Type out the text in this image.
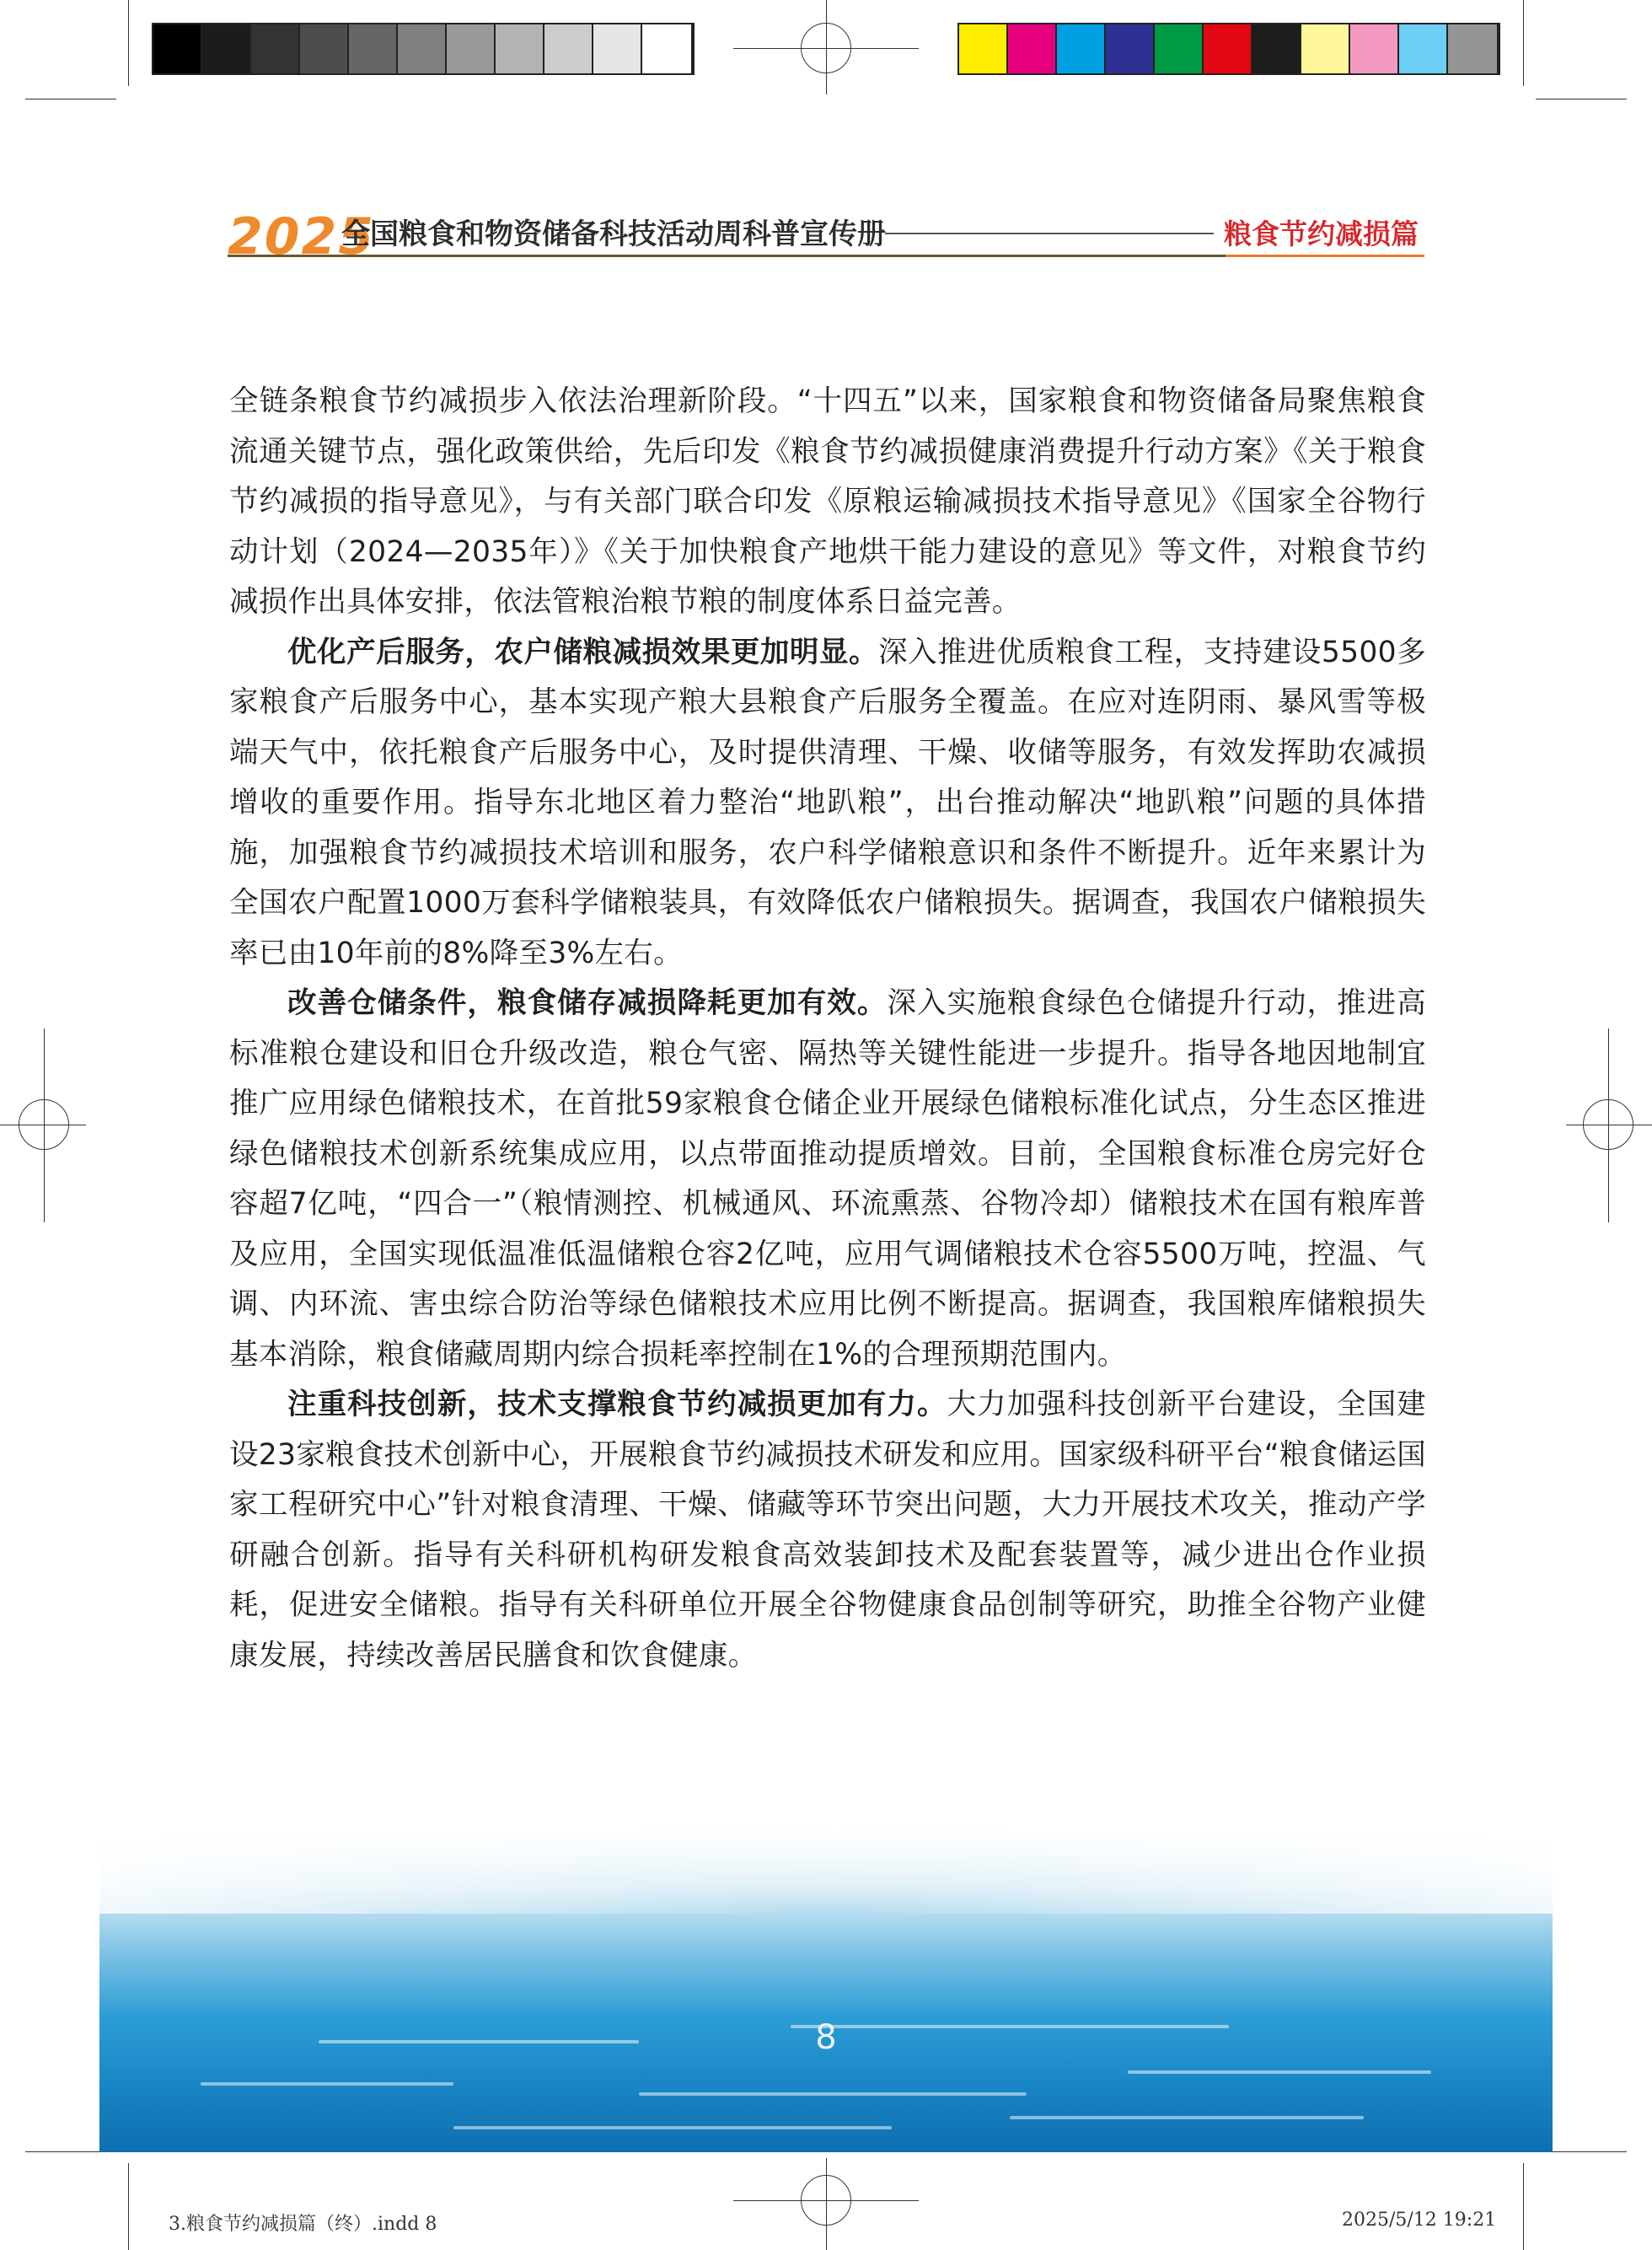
2025
全国粮食和物资储备科技活动周科普宣传册	粮食节约减损篇

全链条粮食节约减损步入依法治理新阶段。“十四五”以来，国家粮食和物资储备局聚焦粮食流通关键节点，强化政策供给，先后印发《粮食节约减损健康消费提升行动方案》《关于粮食节约减损的指导意见》，与有关部门联合印发《原粮运输减损技术指导意见》《国家全谷物行动计划（2024—2035年）》《关于加快粮食产地烘干能力建设的意见》等文件，对粮食节约减损作出具体安排，依法管粮治粮节粮的制度体系日益完善。

优化产后服务，农户储粮减损效果更加明显。深入推进优质粮食工程，支持建设5500多家粮食产后服务中心，基本实现产粮大县粮食产后服务全覆盖。在应对连阴雨、暴风雪等极端天气中，依托粮食产后服务中心，及时提供清理、干燥、收储等服务，有效发挥助农减损增收的重要作用。指导东北地区着力整治“地趴粮”，出台推动解决“地趴粮”问题的具体措施，加强粮食节约减损技术培训和服务，农户科学储粮意识和条件不断提升。近年来累计为全国农户配置1000万套科学储粮装具，有效降低农户储粮损失。据调查，我国农户储粮损失率已由10年前的8%降至3%左右。

改善仓储条件，粮食储存减损降耗更加有效。深入实施粮食绿色仓储提升行动，推进高标准粮仓建设和旧仓升级改造，粮仓气密、隔热等关键性能进一步提升。指导各地因地制宜推广应用绿色储粮技术，在首批59家粮食仓储企业开展绿色储粮标准化试点，分生态区推进绿色储粮技术创新系统集成应用，以点带面推动提质增效。目前，全国粮食标准仓房完好仓容超7亿吨，“四合一”（粮情测控、机械通风、环流熏蒸、谷物冷却）储粮技术在国有粮库普及应用，全国实现低温准低温储粮仓容2亿吨，应用气调储粮技术仓容5500万吨，控温、气调、内环流、害虫综合防治等绿色储粮技术应用比例不断提高。据调查，我国粮库储粮损失基本消除，粮食储藏周期内综合损耗率控制在1%的合理预期范围内。

注重科技创新，技术支撑粮食节约减损更加有力。大力加强科技创新平台建设，全国建设23家粮食技术创新中心，开展粮食节约减损技术研发和应用。国家级科研平台“粮食储运国家工程研究中心”针对粮食清理、干燥、储藏等环节突出问题，大力开展技术攻关，推动产学研融合创新。指导有关科研机构研发粮食高效装卸技术及配套装置等，减少进出仓作业损耗，促进安全储粮。指导有关科研单位开展全谷物健康食品创制等研究，助推全谷物产业健康发展，持续改善居民膳食和饮食健康。

8
3.粮食节约减损篇（终）.indd 8	2025/5/12 19:21
